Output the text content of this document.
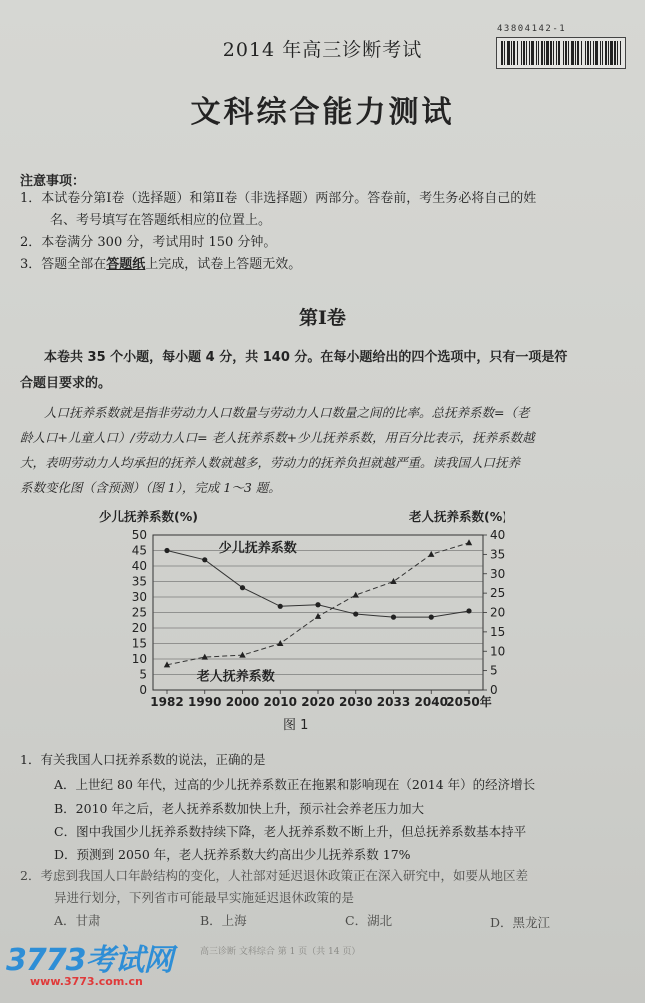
43804142-1
2014 年高三诊断考试
文科综合能力测试
注意事项：
1．本试卷分第Ⅰ卷（选择题）和第Ⅱ卷（非选择题）两部分。答卷前，考生务必将自己的姓
名、考号填写在答题纸相应的位置上。
2．本卷满分 300 分，考试用时 150 分钟。
3．答题全部在答题纸上完成，试卷上答题无效。
第Ⅰ卷
本卷共 35 个小题，每小题 4 分，共 140 分。在每小题给出的四个选项中，只有一项是符
合题目要求的。

人口抚养系数就是指非劳动力人口数量与劳动力人口数量之间的比率。总抚养系数=（老

龄人口+儿童人口）/劳动力人口= 老人抚养系数+少儿抚养系数，用百分比表示，抚养系数越

大，表明劳动力人均承担的抚养人数就越多，劳动力的抚养负担就越严重。读我国人口抚养

系数变化图（含预测）（图 1），完成 1～3 题。

0
5
10
15
20
25
30
35
40
45
50
0
5
10
15
20
25
30
35
40
1982 1990 2000 2010 2020 2030 2033 2040
2050年
少儿抚养系数(%)	老人抚养系数(%)
少儿抚养系数
老人抚养系数
图 1
1．有关我国人口抚养系数的说法，正确的是
A．上世纪 80 年代，过高的少儿抚养系数正在拖累和影响现在（2014 年）的经济增长
B．2010 年之后，老人抚养系数加快上升，预示社会养老压力加大
C．图中我国少儿抚养系数持续下降，老人抚养系数不断上升，但总抚养系数基本持平
D．预测到 2050 年，老人抚养系数大约高出少儿抚养系数 17%
2．考虑到我国人口年龄结构的变化，人社部对延迟退休政策正在深入研究中，如要从地区差
异进行划分，下列省市可能最早实施延迟退休政策的是
A．甘肃	B．上海	C．湖北	D．黑龙江
高三诊断 文科综合 第 1 页（共 14 页）
3773考试网
www.3773.com.cn
